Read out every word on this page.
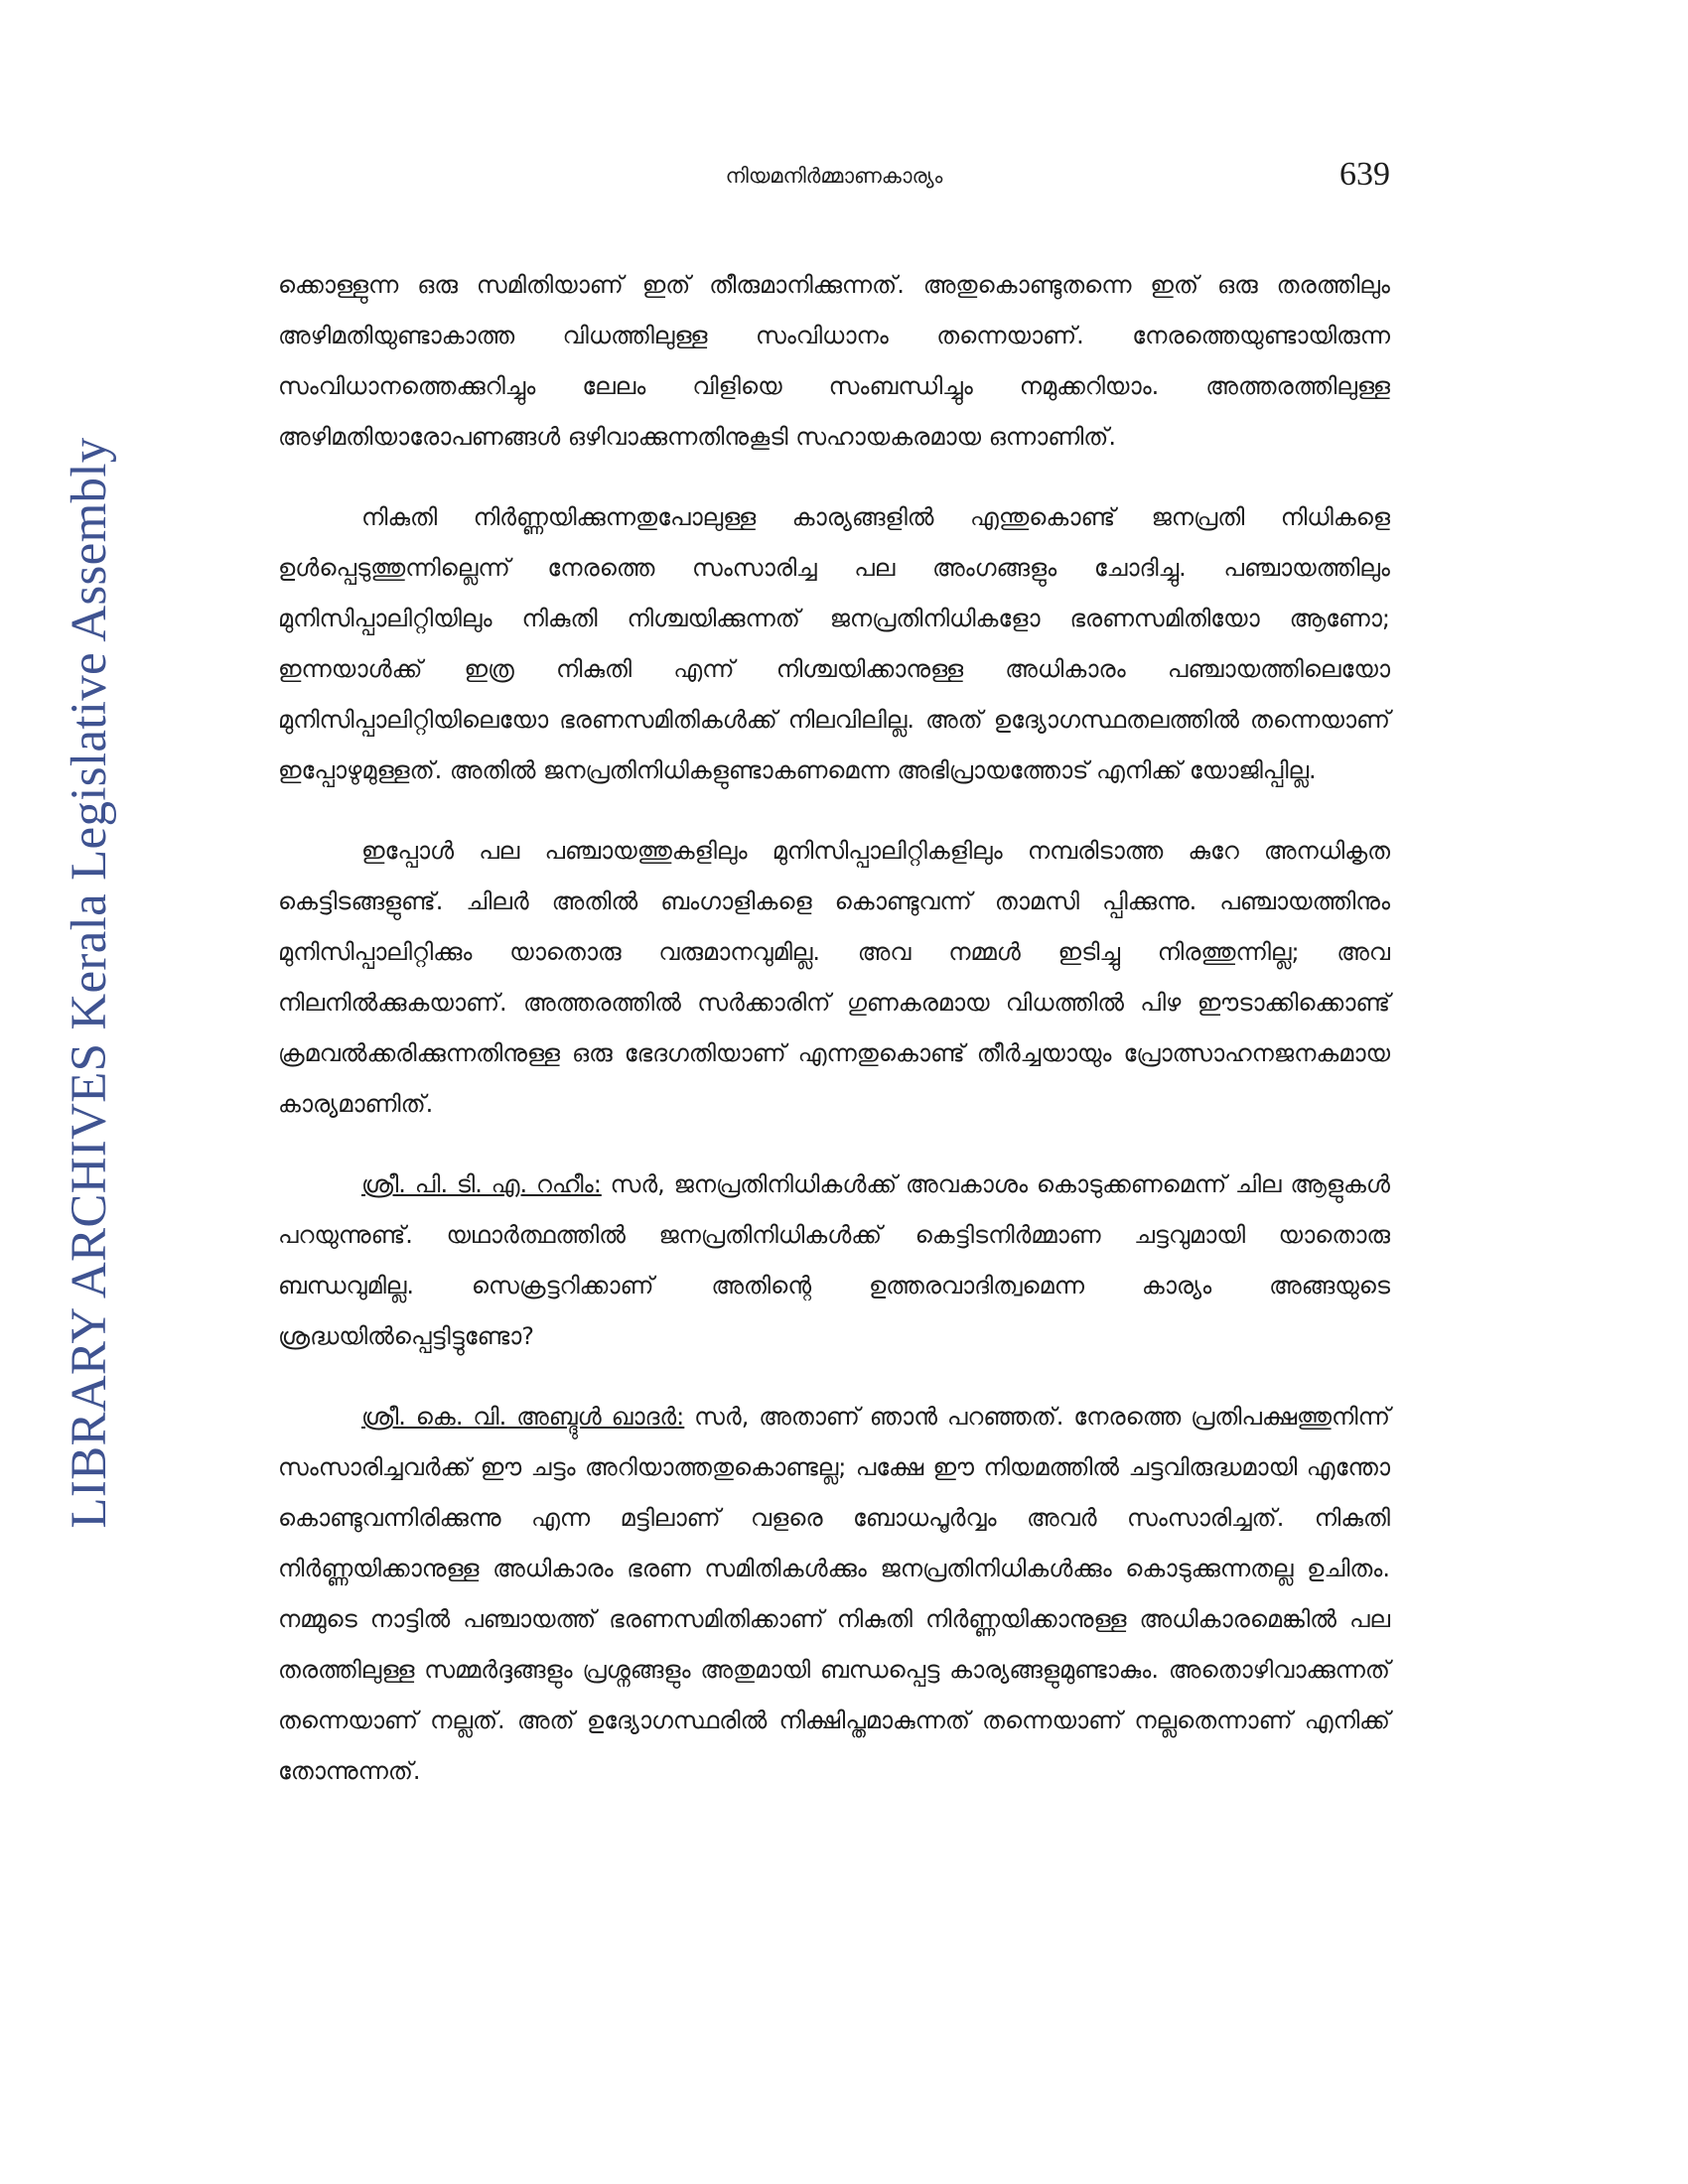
LIBRARY ARCHIVES Kerala Legislative Assembly
നിയമനിർമ്മാണകാര്യം	639

ക്കൊള്ളുന്ന ഒരു സമിതിയാണ് ഇത് തീരുമാനിക്കുന്നത്. അതുകൊണ്ടുതന്നെ ഇത് ഒരു തരത്തിലും അഴിമതിയുണ്ടാകാത്ത വിധത്തിലുള്ള സംവിധാനം തന്നെയാണ്. നേരത്തെയുണ്ടായിരുന്ന സംവിധാനത്തെക്കുറിച്ചും ലേലം വിളിയെ സംബന്ധിച്ചും നമുക്കറിയാം. അത്തരത്തിലുള്ള അഴിമതിയാരോപണങ്ങൾ ഒഴിവാക്കുന്നതിനുകൂടി സഹായകരമായ ഒന്നാണിത്.

നികുതി നിർണ്ണയിക്കുന്നതുപോലുള്ള കാര്യങ്ങളിൽ എന്തുകൊണ്ട് ജനപ്രതി നിധികളെ ഉൾപ്പെടുത്തുന്നില്ലെന്ന് നേരത്തെ സംസാരിച്ച പല അംഗങ്ങളും ചോദിച്ചു. പഞ്ചായത്തിലും മുനിസിപ്പാലിറ്റിയിലും നികുതി നിശ്ചയിക്കുന്നത് ജനപ്രതിനിധികളോ ഭരണസമിതിയോ ആണോ; ഇന്നയാൾക്ക് ഇത്ര നികുതി എന്ന് നിശ്ചയിക്കാനുള്ള അധികാരം പഞ്ചായത്തിലെയോ മുനിസിപ്പാലിറ്റിയിലെയോ ഭരണസമിതികൾക്ക് നിലവിലില്ല. അത് ഉദ്യോഗസ്ഥതലത്തിൽ തന്നെയാണ് ഇപ്പോഴുമുള്ളത്. അതിൽ ജനപ്രതിനിധികളുണ്ടാകണമെന്ന അഭിപ്രായത്തോട് എനിക്ക് യോജിപ്പില്ല.

ഇപ്പോൾ പല പഞ്ചായത്തുകളിലും മുനിസിപ്പാലിറ്റികളിലും നമ്പരിടാത്ത കുറേ അനധികൃത കെട്ടിടങ്ങളുണ്ട്. ചിലർ അതിൽ ബംഗാളികളെ കൊണ്ടുവന്ന് താമസി പ്പിക്കുന്നു. പഞ്ചായത്തിനും മുനിസിപ്പാലിറ്റിക്കും യാതൊരു വരുമാനവുമില്ല. അവ നമ്മൾ ഇടിച്ചു നിരത്തുന്നില്ല; അവ നിലനിൽക്കുകയാണ്. അത്തരത്തിൽ സർക്കാരിന് ഗുണകരമായ വിധത്തിൽ പിഴ ഈടാക്കിക്കൊണ്ട് ക്രമവൽക്കരിക്കുന്നതിനുള്ള ഒരു ഭേദഗതിയാണ് എന്നതുകൊണ്ട് തീർച്ചയായും പ്രോത്സാഹനജനകമായ കാര്യമാണിത്.

ശ്രീ. പി. ടി. എ. റഹീം: സർ, ജനപ്രതിനിധികൾക്ക് അവകാശം കൊടുക്കണമെന്ന് ചില ആളുകൾ പറയുന്നുണ്ട്. യഥാർത്ഥത്തിൽ ജനപ്രതിനിധികൾക്ക് കെട്ടിടനിർമ്മാണ ചട്ടവുമായി യാതൊരു ബന്ധവുമില്ല. സെക്രട്ടറിക്കാണ് അതിന്റെ ഉത്തരവാദിത്വമെന്ന കാര്യം അങ്ങയുടെ ശ്രദ്ധയിൽപ്പെട്ടിട്ടുണ്ടോ?

ശ്രീ. കെ. വി. അബ്ദുൾ ഖാദർ: സർ, അതാണ് ഞാൻ പറഞ്ഞത്. നേരത്തെ പ്രതിപക്ഷത്തുനിന്ന് സംസാരിച്ചവർക്ക് ഈ ചട്ടം അറിയാത്തതുകൊണ്ടല്ല; പക്ഷേ ഈ നിയമത്തിൽ ചട്ടവിരുദ്ധമായി എന്തോ കൊണ്ടുവന്നിരിക്കുന്നു എന്ന മട്ടിലാണ് വളരെ ബോധപൂർവ്വം അവർ സംസാരിച്ചത്. നികുതി നിർണ്ണയിക്കാനുള്ള അധികാരം ഭരണ സമിതികൾക്കും ജനപ്രതിനിധികൾക്കും കൊടുക്കുന്നതല്ല ഉചിതം. നമ്മുടെ നാട്ടിൽ പഞ്ചായത്ത് ഭരണസമിതിക്കാണ് നികുതി നിർണ്ണയിക്കാനുള്ള അധികാരമെങ്കിൽ പല തരത്തിലുള്ള സമ്മർദ്ദങ്ങളും പ്രശ്നങ്ങളും അതുമായി ബന്ധപ്പെട്ട കാര്യങ്ങളുമുണ്ടാകും. അതൊഴിവാക്കുന്നത് തന്നെയാണ് നല്ലത്. അത് ഉദ്യോഗസ്ഥരിൽ നിക്ഷിപ്തമാകുന്നത് തന്നെയാണ് നല്ലതെന്നാണ് എനിക്ക് തോന്നുന്നത്.
